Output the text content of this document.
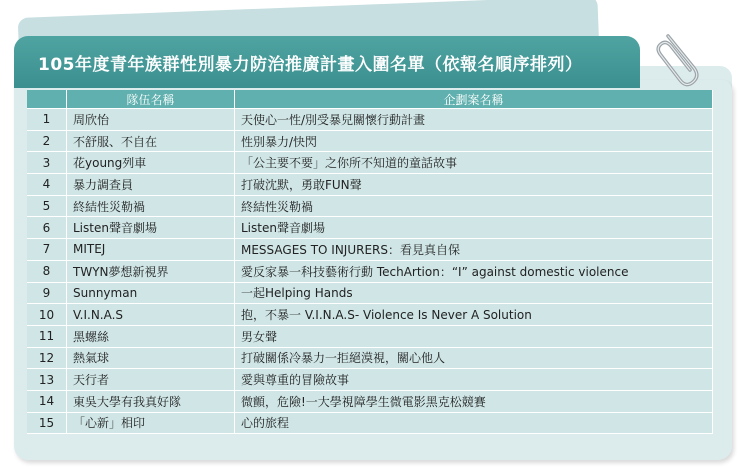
105年度青年族群性別暴力防治推廣計畫入圍名單（依報名順序排列）
	隊伍名稱	企劃案名稱
1	周欣怡	天使心一性/別受暴兒關懷行動計畫
2	不舒服、不自在	性別暴力/快閃
3	花young列車	「公主要不要」之你所不知道的童話故事
4	暴力調查員	打破沈默，勇敢FUN聲
5	終結性災勒禍	終結性災勒禍
6	Listen聲音劇場	Listen聲音劇場
7	MITEJ	MESSAGES TO INJURERS：看見真自保
8	TWYN夢想新視界	愛反家暴一科技藝術行動 TechArtion：“I” against domestic violence
9	Sunnyman	一起Helping Hands
10	V.I.N.A.S	抱，不暴一 V.I.N.A.S- Violence Is Never A Solution
11	黑螺絲	男女聲
12	熱氣球	打破關係冷暴力一拒絕漠視，關心他人
13	天行者	愛與尊重的冒險故事
14	東吳大學有我真好隊	微顫，危險!一大學視障學生微電影黑克松競賽
15	「心新」相印	心的旅程
